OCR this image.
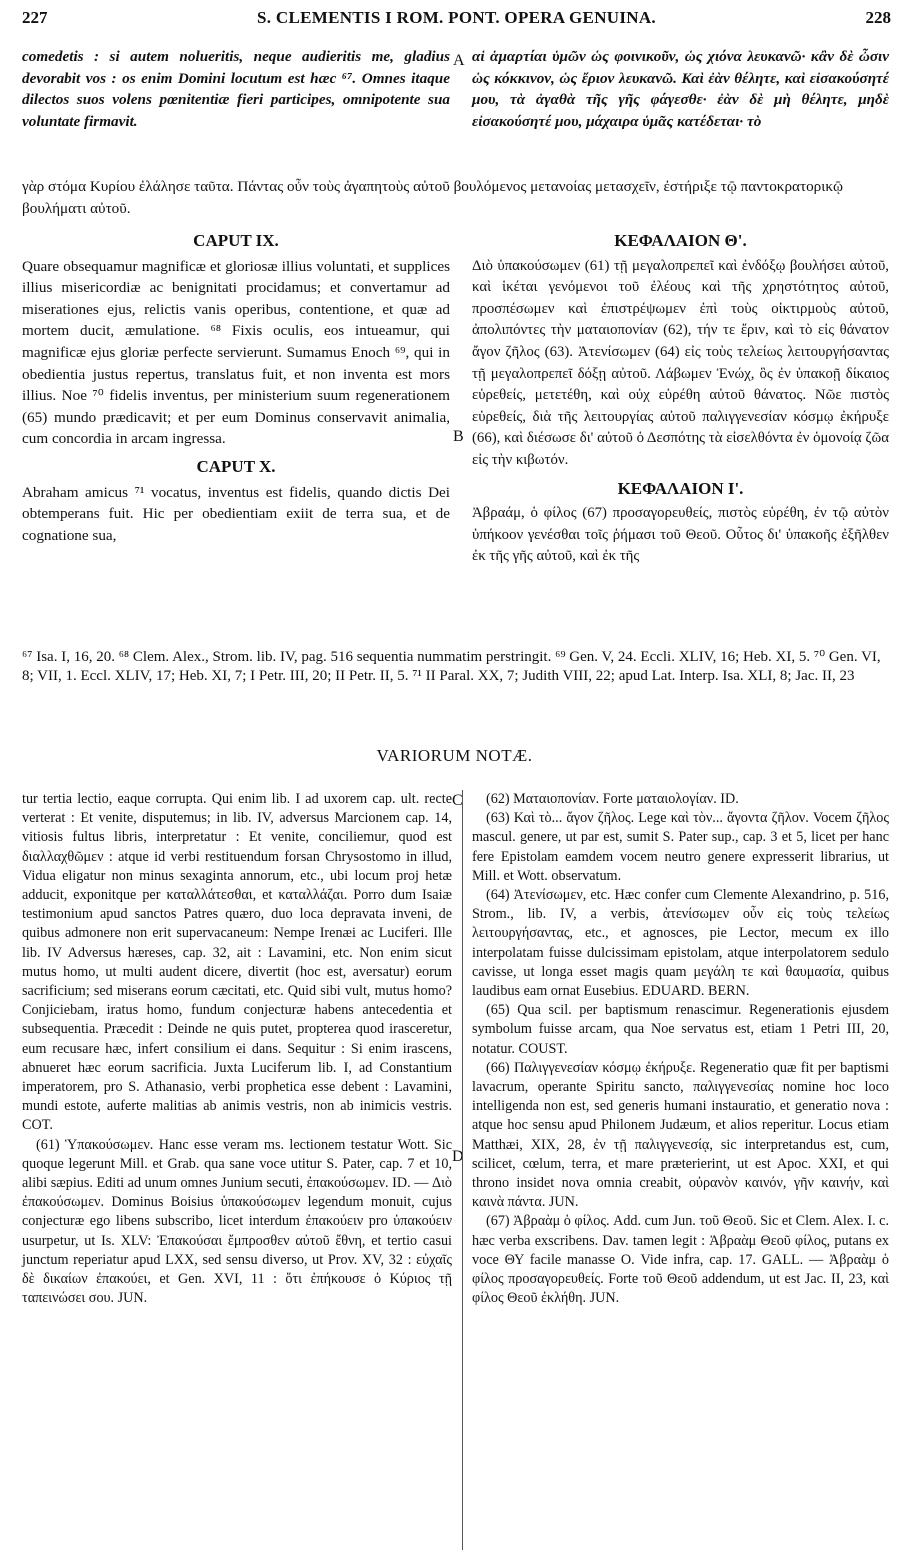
227	S. CLEMENTIS I ROM. PONT. OPERA GENUINA.	228
A
B
C
D

comedetis : si autem nolueritis, neque audieritis me, gladius devorabit vos : os enim Domini locutum est hæc ⁶⁷. Omnes itaque dilectos suos volens pœnitentiæ fieri participes, omnipotente sua voluntate firmavit.

αἱ ἁμαρτίαι ὑμῶν ὡς φοινικοῦν, ὡς χιόνα λευκανῶ· κἂν δὲ ὦσιν ὡς κόκκινον, ὡς ἔριον λευκανῶ. Καὶ ἐὰν θέλητε, καὶ εἰσακούσητέ μου, τὰ ἀγαθὰ τῆς γῆς φάγεσθε· ἐὰν δὲ μὴ θέλητε, μηδὲ εἰσακούσητέ μου, μάχαιρα ὑμᾶς κατέδεται· τὸ

γὰρ στόμα Κυρίου ἐλάλησε ταῦτα. Πάντας οὖν τοὺς ἀγαπητοὺς αὐτοῦ βουλόμενος μετανοίας μετασχεῖν, ἐστήριξε τῷ παντοκρατορικῷ βουλήματι αὐτοῦ.

CAPUT IX.

Quare obsequamur magnificæ et gloriosæ illius voluntati, et supplices illius misericordiæ ac benignitati procidamus; et convertamur ad miserationes ejus, relictis vanis operibus, contentione, et quæ ad mortem ducit, æmulatione. ⁶⁸ Fixis oculis, eos intueamur, qui magnificæ ejus gloriæ perfecte servierunt. Sumamus Enoch ⁶⁹, qui in obedientia justus repertus, translatus fuit, et non inventa est mors illius. Noe ⁷⁰ fidelis inventus, per ministerium suum regenerationem (65) mundo prædicavit; et per eum Dominus conservavit animalia, cum concordia in arcam ingressa.

CAPUT X.

Abraham amicus ⁷¹ vocatus, inventus est fidelis, quando dictis Dei obtemperans fuit. Hic per obedientiam exiit de terra sua, et de cognatione sua,

ΚΕΦΑΛΑΙΟΝ Θ'.

Διὸ ὑπακούσωμεν (61) τῇ μεγαλοπρεπεῖ καὶ ἐνδόξῳ βουλήσει αὐτοῦ, καὶ ἱκέται γενόμενοι τοῦ ἐλέους καὶ τῆς χρηστότητος αὐτοῦ, προσπέσωμεν καὶ ἐπιστρέψωμεν ἐπὶ τοὺς οἰκτιρμοὺς αὐτοῦ, ἀπολιπόντες τὴν ματαιοπονίαν (62), τήν τε ἔριν, καὶ τὸ εἰς θάνατον ἄγον ζῆλος (63). Ἀτενίσωμεν (64) εἰς τοὺς τελείως λειτουργήσαντας τῇ μεγαλοπρεπεῖ δόξῃ αὐτοῦ. Λάβωμεν Ἐνώχ, ὃς ἐν ὑπακοῇ δίκαιος εὑρεθείς, μετετέθη, καὶ οὐχ εὑρέθη αὐτοῦ θάνατος. Νῶε πιστὸς εὑρεθείς, διὰ τῆς λειτουργίας αὐτοῦ παλιγγενεσίαν κόσμῳ ἐκήρυξε (66), καὶ διέσωσε δι' αὐτοῦ ὁ Δεσπότης τὰ εἰσελθόντα ἐν ὁμονοίᾳ ζῶα εἰς τὴν κιβωτόν.

ΚΕΦΑΛΑΙΟΝ Ι'.

Ἀβραάμ, ὁ φίλος (67) προσαγορευθείς, πιστὸς εὑρέθη, ἐν τῷ αὐτὸν ὑπήκοον γενέσθαι τοῖς ῥήμασι τοῦ Θεοῦ. Οὗτος δι' ὑπακοῆς ἐξῆλθεν ἐκ τῆς γῆς αὐτοῦ, καὶ ἐκ τῆς

⁶⁷ Isa. I, 16, 20. ⁶⁸ Clem. Alex., Strom. lib. IV, pag. 516 sequentia nummatim perstringit. ⁶⁹ Gen. V, 24. Eccli. XLIV, 16; Heb. XI, 5. ⁷⁰ Gen. VI, 8; VII, 1. Eccl. XLIV, 17; Heb. XI, 7; I Petr. III, 20; II Petr. II, 5. ⁷¹ II Paral. XX, 7; Judith VIII, 22; apud Lat. Interp. Isa. XLI, 8; Jac. II, 23

VARIORUM NOTÆ.

tur tertia lectio, eaque corrupta. Qui enim lib. I ad uxorem cap. ult. recte verterat : Et venite, disputemus; in lib. IV, adversus Marcionem cap. 14, vitiosis fultus libris, interpretatur : Et venite, conciliemur, quod est διαλλαχθῶμεν : atque id verbi restituendum forsan Chrysostomo in illud, Vidua eligatur non minus sexaginta annorum, etc., ubi locum proj hetæ adducit, exponitque per καταλλάτεσθαι, et καταλλάζαι. Porro dum Isaiæ testimonium apud sanctos Patres quæro, duo loca depravata inveni, de quibus admonere non erit supervacaneum: Nempe Irenæi ac Luciferi. Ille lib. IV Adversus hæreses, cap. 32, ait : Lavamini, etc. Non enim sicut mutus homo, ut multi audent dicere, divertit (hoc est, aversatur) eorum sacrificium; sed miserans eorum cæcitati, etc. Quid sibi vult, mutus homo? Conjiciebam, iratus homo, fundum conjecturæ habens antecedentia et subsequentia. Præcedit : Deinde ne quis putet, propterea quod irasceretur, eum recusare hæc, infert consilium ei dans. Sequitur : Si enim irascens, abnueret hæc eorum sacrificia. Juxta Luciferum lib. I, ad Constantium imperatorem, pro S. Athanasio, verbi prophetica esse debent : Lavamini, mundi estote, auferte malitias ab animis vestris, non ab inimicis vestris. COT.

(61) Ὑπακούσωμεν. Hanc esse veram ms. lectionem testatur Wott. Sic quoque legerunt Mill. et Grab. qua sane voce utitur S. Pater, cap. 7 et 10, alibi sæpius. Editi ad unum omnes Junium secuti, ἐπακούσωμεν. ID. — Διὸ ἐπακούσωμεν. Dominus Boisius ὑπακούσωμεν legendum monuit, cujus conjecturæ ego libens subscribo, licet interdum ἐπακούειν pro ὑπακούειν usurpetur, ut Is. XLV: Ἐπακούσαι ἔμπροσθεν αὐτοῦ ἔθνη, et tertio casui junctum reperiatur apud LXX, sed sensu diverso, ut Prov. XV, 32 : εὐχαῖς δὲ δικαίων ἐπακούει, et Gen. XVI, 11 : ὅτι ἐπήκουσε ὁ Κύριος τῇ ταπεινώσει σου. JUN.

(62) Ματαιοπονίαν. Forte ματαιολογίαν. ID.

(63) Καὶ τὸ... ἄγον ζῆλος. Lege καὶ τὸν... ἄγοντα ζῆλον. Vocem ζῆλος mascul. genere, ut par est, sumit S. Pater sup., cap. 3 et 5, licet per hanc fere Epistolam eamdem vocem neutro genere expresserit librarius, ut Mill. et Wott. observatum.

(64) Ἀτενίσωμεν, etc. Hæc confer cum Clemente Alexandrino, p. 516, Strom., lib. IV, a verbis, ἀτενίσωμεν οὖν εἰς τοὺς τελείως λειτουργήσαντας, etc., et agnosces, pie Lector, mecum ex illo interpolatam fuisse dulcissimam epistolam, atque interpolatorem sedulo cavisse, ut longa esset magis quam μεγάλη τε καὶ θαυμασία, quibus laudibus eam ornat Eusebius. EDUARD. BERN.

(65) Qua scil. per baptismum renascimur. Regenerationis ejusdem symbolum fuisse arcam, qua Noe servatus est, etiam 1 Petri III, 20, notatur. COUST.

(66) Παλιγγενεσίαν κόσμῳ ἐκήρυξε. Regeneratio quæ fit per baptismi lavacrum, operante Spiritu sancto, παλιγγενεσίας nomine hoc loco intelligenda non est, sed generis humani instauratio, et generatio nova : atque hoc sensu apud Philonem Judæum, et alios reperitur. Locus etiam Matthæi, XIX, 28, ἐν τῇ παλιγγενεσίᾳ, sic interpretandus est, cum, scilicet, cœlum, terra, et mare præterierint, ut est Apoc. XXI, et qui throno insidet nova omnia creabit, οὐρανὸν καινόν, γῆν καινήν, καὶ καινὰ πάντα. JUN.

(67) Ἀβραὰμ ὁ φίλος. Add. cum Jun. τοῦ Θεοῦ. Sic et Clem. Alex. I. c. hæc verba exscribens. Dav. tamen legit : Ἀβραὰμ Θεοῦ φίλος, putans ex voce ΘΥ facile manasse Ο. Vide infra, cap. 17. GALL. — Ἀβραὰμ ὁ φίλος προσαγορευθείς. Forte τοῦ Θεοῦ addendum, ut est Jac. II, 23, καὶ φίλος Θεοῦ ἐκλήθη. JUN.
